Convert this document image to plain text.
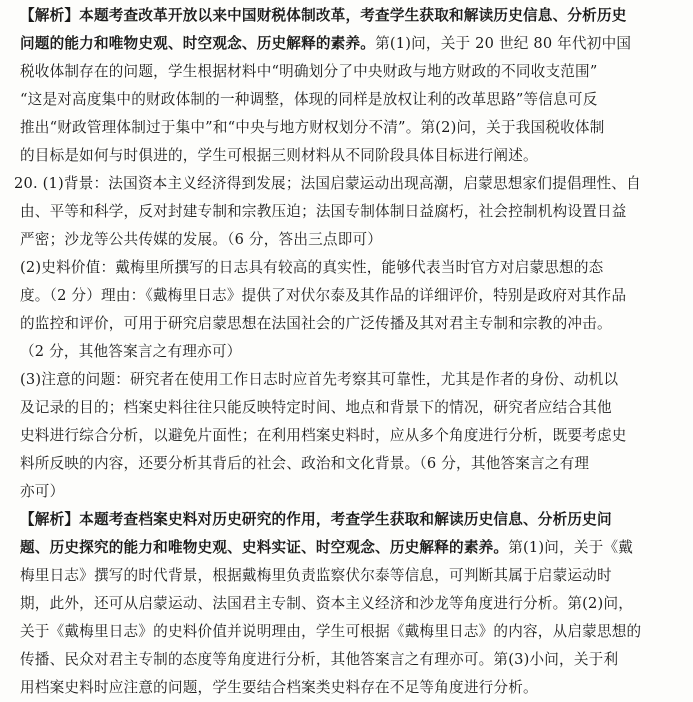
【解析】本题考查改革开放以来中国财税体制改革，考查学生获取和解读历史信息、分析历史
问题的能力和唯物史观、时空观念、历史解释的素养。第(1)问，关于 20 世纪 80 年代初中国
税收体制存在的问题，学生根据材料中“明确划分了中央财政与地方财政的不同收支范围”
“这是对高度集中的财政体制的一种调整，体现的同样是放权让利的改革思路”等信息可反
推出“财政管理体制过于集中”和“中央与地方财权划分不清”。第(2)问，关于我国税收体制
的目标是如何与时俱进的，学生可根据三则材料从不同阶段具体目标进行阐述。
20. (1)背景：法国资本主义经济得到发展；法国启蒙运动出现高潮，启蒙思想家们提倡理性、自
由、平等和科学，反对封建专制和宗教压迫；法国专制体制日益腐朽，社会控制机构设置日益
严密；沙龙等公共传媒的发展。（6 分，答出三点即可）
(2)史料价值：戴梅里所撰写的日志具有较高的真实性，能够代表当时官方对启蒙思想的态
度。（2 分）理由：《戴梅里日志》提供了对伏尔泰及其作品的详细评价，特别是政府对其作品
的监控和评价，可用于研究启蒙思想在法国社会的广泛传播及其对君主专制和宗教的冲击。
（2 分，其他答案言之有理亦可）
(3)注意的问题：研究者在使用工作日志时应首先考察其可靠性，尤其是作者的身份、动机以
及记录的目的；档案史料往往只能反映特定时间、地点和背景下的情况，研究者应结合其他
史料进行综合分析，以避免片面性；在利用档案史料时，应从多个角度进行分析，既要考虑史
料所反映的内容，还要分析其背后的社会、政治和文化背景。（6 分，其他答案言之有理
亦可）
【解析】本题考查档案史料对历史研究的作用，考查学生获取和解读历史信息、分析历史问
题、历史探究的能力和唯物史观、史料实证、时空观念、历史解释的素养。第(1)问，关于《戴
梅里日志》撰写的时代背景，根据戴梅里负责监察伏尔泰等信息，可判断其属于启蒙运动时
期，此外，还可从启蒙运动、法国君主专制、资本主义经济和沙龙等角度进行分析。第(2)问，
关于《戴梅里日志》的史料价值并说明理由，学生可根据《戴梅里日志》的内容，从启蒙思想的
传播、民众对君主专制的态度等角度进行分析，其他答案言之有理亦可。第(3)小问，关于利
用档案史料时应注意的问题，学生要结合档案类史料存在不足等角度进行分析。
